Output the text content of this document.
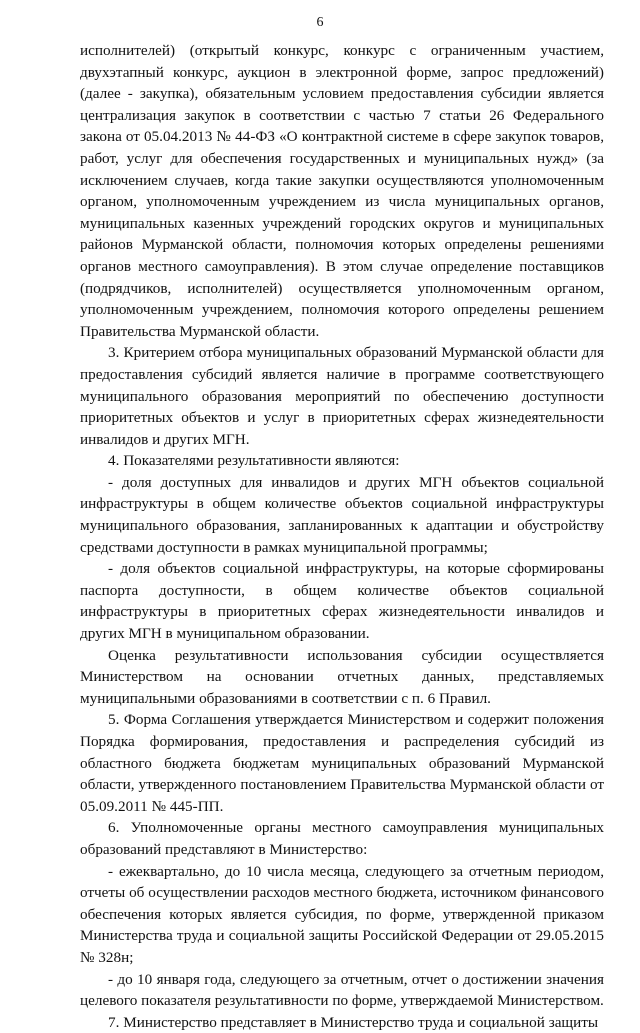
6

исполнителей) (открытый конкурс, конкурс с ограниченным участием, двухэтапный конкурс, аукцион в электронной форме, запрос предложений) (далее - закупка), обязательным условием предоставления субсидии является централизация закупок в соответствии с частью 7 статьи 26 Федерального закона от 05.04.2013 № 44-ФЗ «О контрактной системе в сфере закупок товаров, работ, услуг для обеспечения государственных и муниципальных нужд» (за исключением случаев, когда такие закупки осуществляются уполномоченным органом, уполномоченным учреждением из числа муниципальных органов, муниципальных казенных учреждений городских округов и муниципальных районов Мурманской области, полномочия которых определены решениями органов местного самоуправления). В этом случае определение поставщиков (подрядчиков, исполнителей) осуществляется уполномоченным органом, уполномоченным учреждением, полномочия которого определены решением Правительства Мурманской области.

3. Критерием отбора муниципальных образований Мурманской области для предоставления субсидий является наличие в программе соответствующего муниципального образования мероприятий по обеспечению доступности приоритетных объектов и услуг в приоритетных сферах жизнедеятельности инвалидов и других МГН.

4. Показателями результативности являются:

- доля доступных для инвалидов и других МГН объектов социальной инфраструктуры в общем количестве объектов социальной инфраструктуры муниципального образования, запланированных к адаптации и обустройству средствами доступности в рамках муниципальной программы;

- доля объектов социальной инфраструктуры, на которые сформированы паспорта доступности, в общем количестве объектов социальной инфраструктуры в приоритетных сферах жизнедеятельности инвалидов и других МГН в муниципальном образовании.

Оценка результативности использования субсидии осуществляется Министерством на основании отчетных данных, представляемых муниципальными образованиями в соответствии с п. 6 Правил.

5. Форма Соглашения утверждается Министерством и содержит положения Порядка формирования, предоставления и распределения субсидий из областного бюджета бюджетам муниципальных образований Мурманской области, утвержденного постановлением Правительства Мурманской области от 05.09.2011 № 445-ПП.

6. Уполномоченные органы местного самоуправления муниципальных образований представляют в Министерство:

- ежеквартально, до 10 числа месяца, следующего за отчетным периодом, отчеты об осуществлении расходов местного бюджета, источником финансового обеспечения которых является субсидия, по форме, утвержденной приказом Министерства труда и социальной защиты Российской Федерации от 29.05.2015 № 328н;

- до 10 января года, следующего за отчетным, отчет о достижении значения целевого показателя результативности по форме, утверждаемой Министерством.

7. Министерство представляет в Министерство труда и социальной защиты
